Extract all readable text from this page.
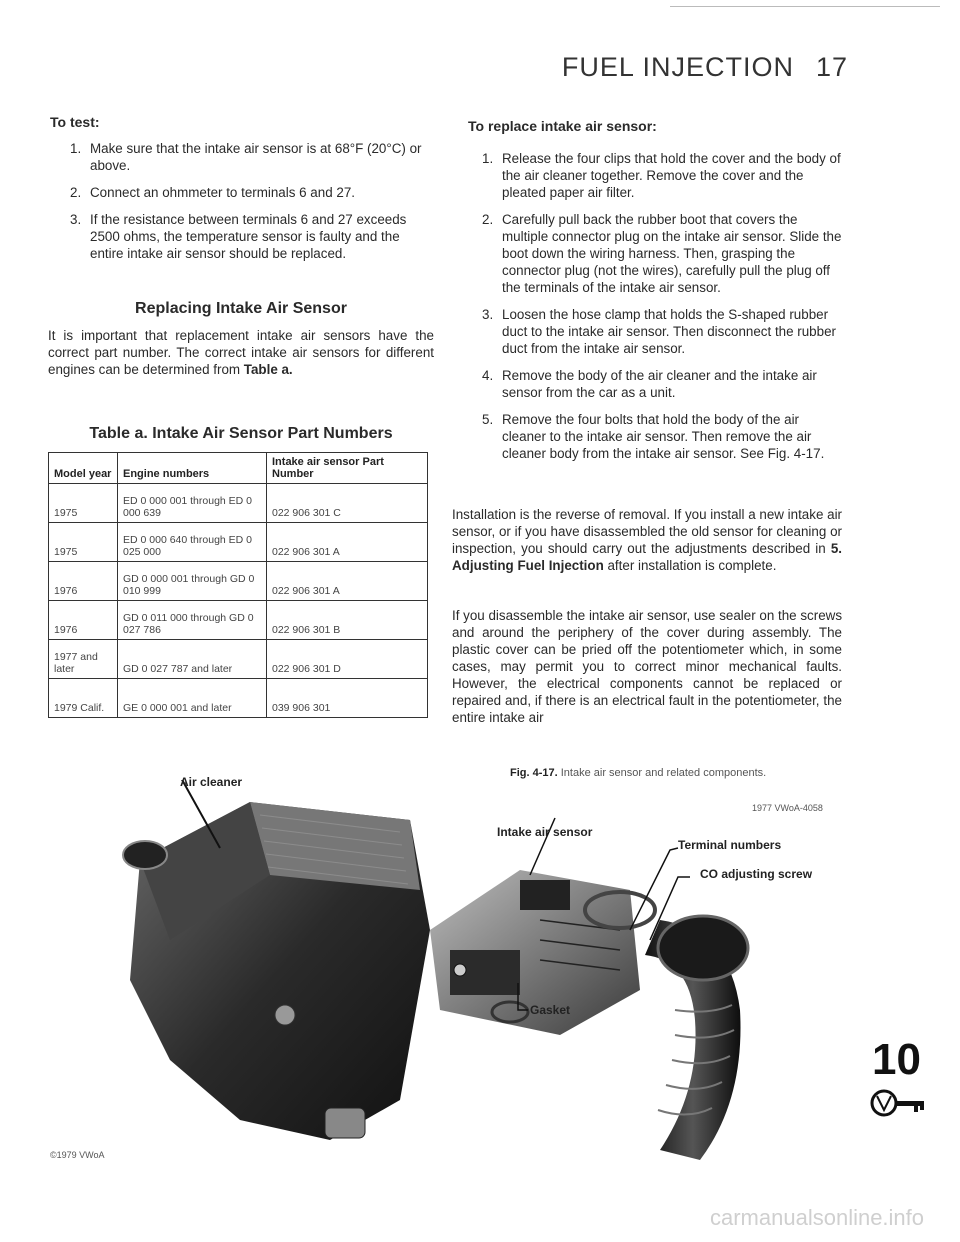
FUEL INJECTION 17
To test:
1. Make sure that the intake air sensor is at 68°F (20°C) or above.
2. Connect an ohmmeter to terminals 6 and 27.
3. If the resistance between terminals 6 and 27 exceeds 2500 ohms, the temperature sensor is faulty and the entire intake air sensor should be replaced.
Replacing Intake Air Sensor
It is important that replacement intake air sensors have the correct part number. The correct intake air sensors for different engines can be determined from Table a.
Table a. Intake Air Sensor Part Numbers
Model year	Engine numbers	Intake air sensor Part Number
1975	ED 0 000 001 through ED 0 000 639	022 906 301 C
1975	ED 0 000 640 through ED 0 025 000	022 906 301 A
1976	GD 0 000 001 through GD 0 010 999	022 906 301 A
1976	GD 0 011 000 through GD 0 027 786	022 906 301 B
1977 and later	GD 0 027 787 and later	022 906 301 D
1979 Calif.	GE 0 000 001 and later	039 906 301
To replace intake air sensor:
1. Release the four clips that hold the cover and the body of the air cleaner together. Remove the cover and the pleated paper air filter.
2. Carefully pull back the rubber boot that covers the multiple connector plug on the intake air sensor. Slide the boot down the wiring harness. Then, grasping the connector plug (not the wires), carefully pull the plug off the terminals of the intake air sensor.
3. Loosen the hose clamp that holds the S-shaped rubber duct to the intake air sensor. Then disconnect the rubber duct from the intake air sensor.
4. Remove the body of the air cleaner and the intake air sensor from the car as a unit.
5. Remove the four bolts that hold the body of the air cleaner to the intake air sensor. Then remove the air cleaner body from the intake air sensor. See Fig. 4-17.
Installation is the reverse of removal. If you install a new intake air sensor, or if you have disassembled the old sensor for cleaning or inspection, you should carry out the adjustments described in 5. Adjusting Fuel Injection after installation is complete.
If you disassemble the intake air sensor, use sealer on the screws and around the periphery of the cover during assembly. The plastic cover can be pried off the potentiometer which, in some cases, may permit you to correct minor mechanical faults. However, the electrical components cannot be replaced or repaired and, if there is an electrical fault in the potentiometer, the entire intake air
Fig. 4-17. Intake air sensor and related components.
1977 VWoA-4058
Air cleaner
Intake air sensor
Terminal numbers
CO adjusting screw
Gasket
10
©1979 VWoA
carmanualsonline.info
